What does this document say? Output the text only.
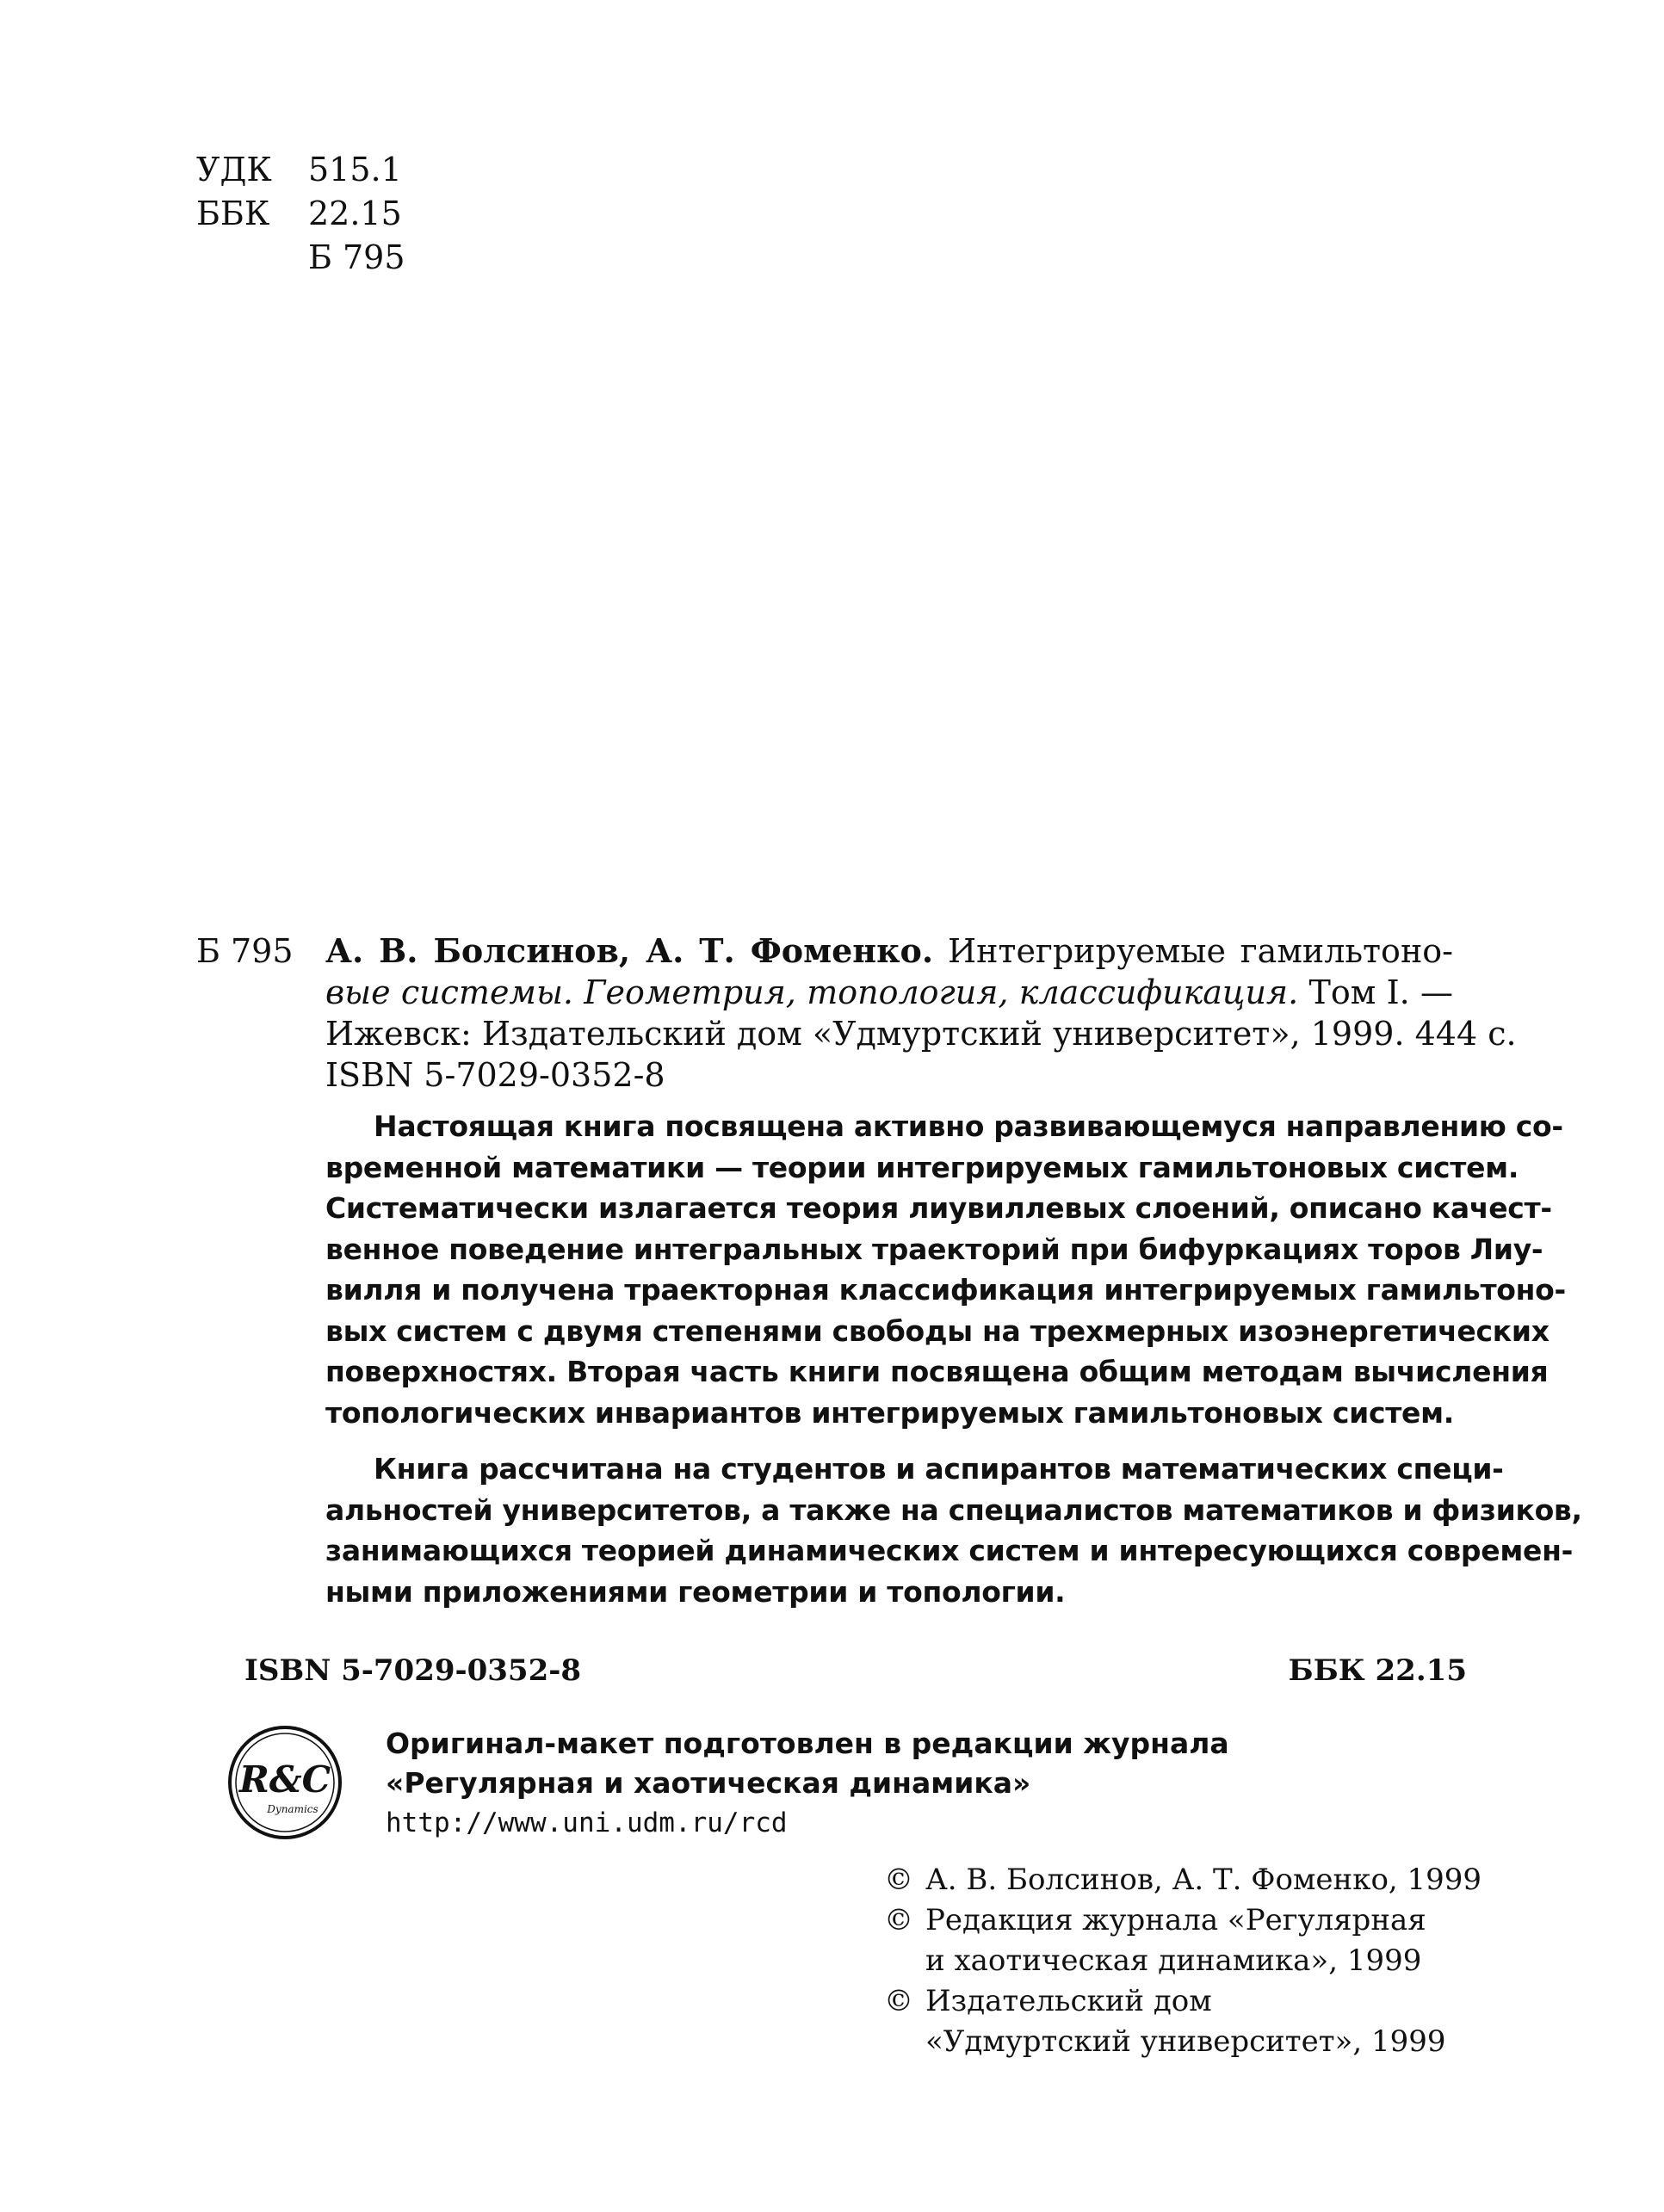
УДК 515.1
ББК 22.15
Б 795
Б 795 А. В. Болсинов, А. Т. Фоменко. Интегрируемые гамильтоно-
вые системы. Геометрия, топология, классификация. Том I. —
Ижевск: Издательский дом «Удмуртский университет», 1999. 444 с.
ISBN 5-7029-0352-8
Настоящая книга посвящена активно развивающемуся направлению со-
временной математики — теории интегрируемых гамильтоновых систем.
Систематически излагается теория лиувиллевых слоений, описано качест-
венное поведение интегральных траекторий при бифуркациях торов Лиу-
вилля и получена траекторная классификация интегрируемых гамильтоно-
вых систем с двумя степенями свободы на трехмерных изоэнергетических
поверхностях. Вторая часть книги посвящена общим методам вычисления
топологических инвариантов интегрируемых гамильтоновых систем.
Книга рассчитана на студентов и аспирантов математических специ-
альностей университетов, а также на специалистов математиков и физиков,
занимающихся теорией динамических систем и интересующихся современ-
ными приложениями геометрии и топологии.
ISBN 5-7029-0352-8	ББК 22.15
R&C
Dynamics
Оригинал-макет подготовлен в редакции журнала
«Регулярная и хаотическая динамика»
http://www.uni.udm.ru/rcd
© А. В. Болсинов, А. Т. Фоменко, 1999
© Редакция журнала «Регулярная
и хаотическая динамика», 1999
© Издательский дом
«Удмуртский университет», 1999
